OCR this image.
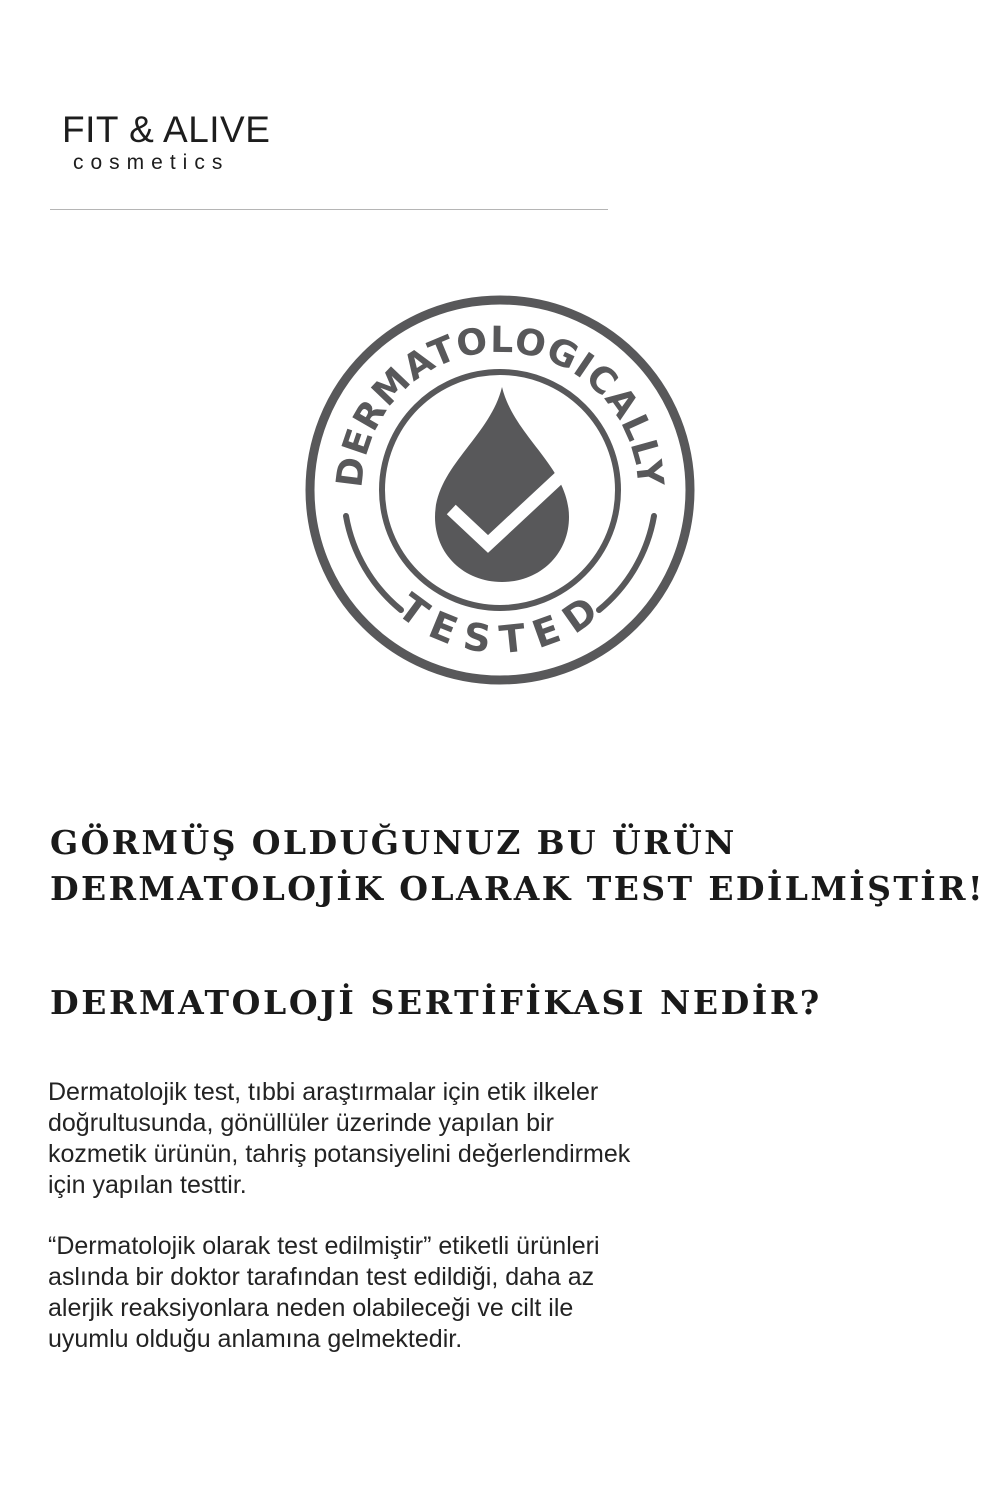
FIT & ALIVE
cosmetics
DERMATOLOGICALLY
TESTED
GÖRMÜŞ OLDUĞUNUZ BU ÜRÜN
DERMATOLOJİK OLARAK TEST EDİLMİŞTİR!
DERMATOLOJİ SERTİFİKASI NEDİR?
Dermatolojik test, tıbbi araştırmalar için etik ilkeler
doğrultusunda, gönüllüler üzerinde yapılan bir
kozmetik ürünün, tahriş potansiyelini değerlendirmek
için yapılan testtir.
“Dermatolojik olarak test edilmiştir” etiketli ürünleri
aslında bir doktor tarafından test edildiği, daha az
alerjik reaksiyonlara neden olabileceği ve cilt ile
uyumlu olduğu anlamına gelmektedir.
